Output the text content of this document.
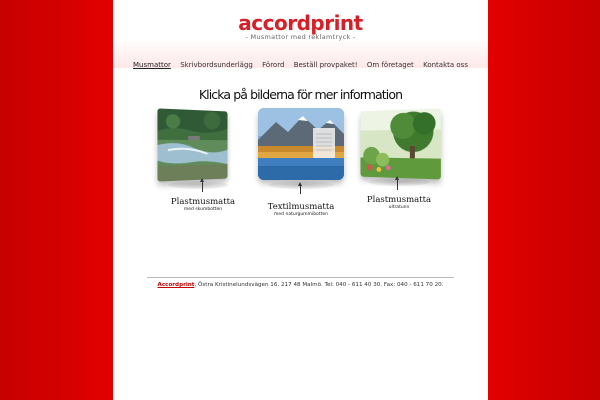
accordprint
- Musmattor med reklamtryck -
Musmattor Skrivbordsunderlägg Förord Beställ provpaket! Om företaget Kontakta oss
Klicka på bilderna för mer information
Plastmusmatta
med skumbotten	Textilmusmatta
med naturgummibotten
Plastmusmatta
ultratunn
Accordprint, Östra Kristinelundsvägen 16, 217 48 Malmö. Tel: 040 - 611 40 30. Fax: 040 - 611 70 20.
